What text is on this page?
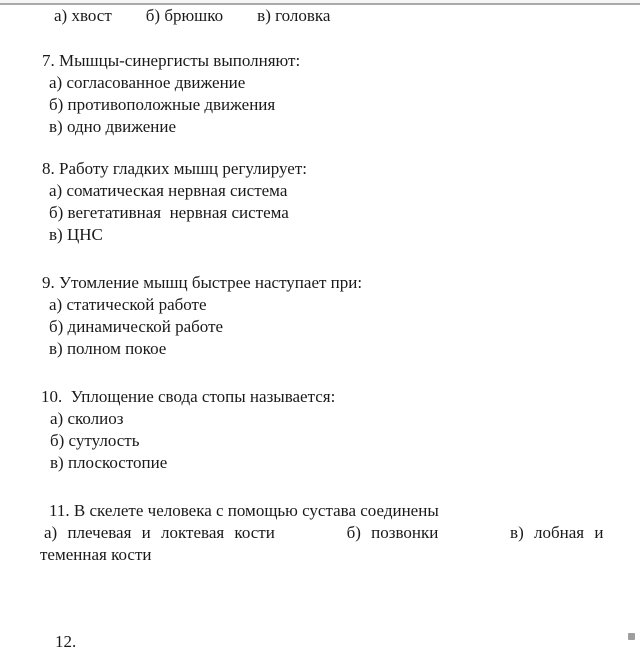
а) хвост        б) брюшко        в) головка
7. Мышцы-синергисты выполняют:
а) согласованное движение
б) противоположные движения
в) одно движение
8. Работу гладких мышц регулирует:
а) соматическая нервная система
б) вегетативная  нервная система
в) ЦНС
9. Утомление мышц быстрее наступает при:
а) статической работе
б) динамической работе
в) полном покое
10.  Уплощение свода стопы называется:
а) сколиоз
б) сутулость
в) плоскостопие
11. В скелете человека с помощью сустава соединены
а) плечевая и локтевая кости       б) позвонки       в) лобная и
теменная кости
12.
